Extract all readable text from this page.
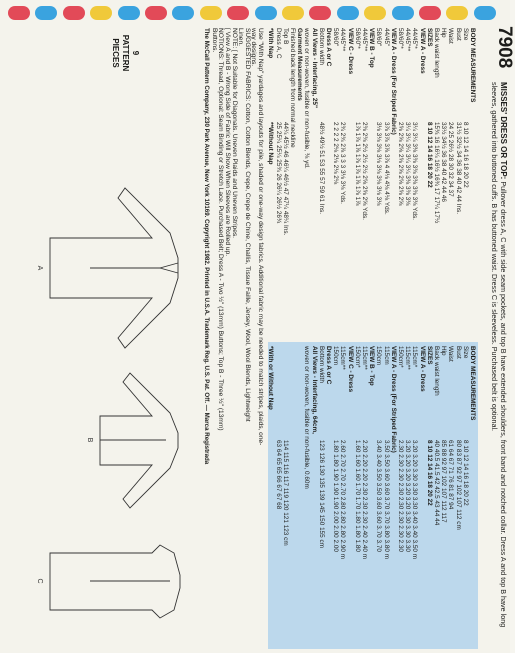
7908
MISSES' DRESS OR TOP: Pullover dress A, C with side seam pockets, and top B have extended shoulders, front band and notched collar. Dress A and top B have long sleeves, gathered into buttoned cuffs. B has buttoned waist. Dress C is sleeveless. Purchased belt is optional.
BODY MEASUREMENTS
Size
8 10 12 14 16 18 20 22
Bust
31½ 32½ 34 36 38 40 42 44 Ins.
Waist
24 25 26½ 28 30 32 34 37
Hip
33½ 34½ 36 38 40 42 44 46
Back waist length
15¾ 16 16¼ 16½ 16¾ 17 17¼ 17½
SIZES
8 10 12 14 16 18 20 22
VIEW A - Dress
44/45"*
3¼ 3¼ 3⅜ 3⅜ 3⅜ 3⅜ 3⅜ 3⅜ Yds.
44/45"**
3¼ 3¼ 3¼ 3¼ 3¼ 3⅜ 3⅜ 3⅜
58/60"*
2⅝ 2⅝ 2⅝ 2⅝ 2⅝ 2⅝ 2⅝ 2⅝
VIEW A - Dress (For Striped Fabric)
44/45"
3⅞ 3⅞ 3⅞ 3⅞ 4 4⅛ 4⅛ 4⅛ Yds.
58/60"
3⅛ 3⅛ 3⅛ 3⅛ 3⅛ 3⅛ 3⅛ 3⅛
VIEW B - Top
44/45"**
2⅜ 2⅜ 2½ 2½ 2½ 2⅝ 2⅝ 2⅝ Yds.
58/60"*
1⅞ 1⅞ 1⅞ 1⅞ 1⅞ 1⅞ 1⅞ 1⅞
VIEW C - Dress
44/45"**
2¾ 2¾ 2⅞ 3 3 3 3⅛ 3⅛ Yds.
58/60"
2 2 2 2 2⅛ 2⅛ 2⅛ 2⅛
Dress A or C
Bottom width
48½ 49½ 51 53 55 57 59 61 Ins.
All Views - Interfacing, 25"
woven or non-woven, fusible or non-fusible, ⅜ yd.
Garment Measurements
Finished back length from normal neckline
Top B
44¼ 45½ 46 46¼ 46½ 47 47¼ 48¼ Ins.
Dress A, C
25 25¼ 25¼ 25¾ 26 26¼ 26½ 26¾
*With Nap
**Without Nap
BODY MEASUREMENTS
Size
8 10 12 14 16 18 20 22
Bust
80 83 87 92 97 102 107 112 cm
Waist
61 64 67 71 76 81 87 94
Hip
85 88 92 97 102 107 112 117
Back waist length
40 40.5 41.5 42 42.5 43 44 44
SIZES
8 10 12 14 16 18 20 22
VIEW A - Dress
115cm*
3.20 3.20 3.30 3.30 3.30 3.40 3.40 3.50 m
115cm**
3.20 3.20 3.20 3.20 3.20 3.30 3.30 3.30
150cm*
2.30 2.30 2.30 2.30 2.30 2.30 2.30 2.30
VIEW A - Dress (For Striped Fabric)
115cm
3.50 3.50 3.60 3.60 3.70 3.70 3.80 3.80 m
150cm
3.40 3.40 3.50 3.50 3.60 3.60 3.70 3.70
VIEW B - Top
115cm**
2.20 2.20 2.20 2.30 2.30 2.30 2.40 2.40 m
150cm*
1.60 1.60 1.60 1.70 1.70 1.80 1.80 1.80
VIEW C - Dress
115cm**
2.60 2.70 2.70 2.70 2.80 2.80 2.80 2.90 m
150cm
1.80 1.80 1.90 1.90 1.90 2.00 2.00 2.00
Dress A or C
Bottom width
123 126 130 135 139 145 150 155 cm
All Views - Interfacing, 64cm,
woven or non-woven, fusible or non-fusible, 0.60m
114 115 116 117 119 120 121 123 cm
63 64 65 65 66 67 67 68
*With or Without Nap
Use "With Nap" yardages and layouts for pile, shaded or one-way design fabrics. Additional fabric may be needed to match stripes, plaids, one-
way designs.
SUGGESTED FABRICS: Cotton, Cotton Blends, Crepe, Crepe de Chine, Challis, Tissue Faille, Jersey, Wool, Wool Blends, Lightweight
Linen.
NOTE: [ Not Suitable for Diagonals. Uneven Plaids and Uneven Stripes.
[ View A and B - Wrong Side of Fabric Will Show When Sleeves are Rolled up.
NOTIONS: Thread, Optional: Seam Binding or Stretch Lace. Purchased Belt; Dress A - Two ½" (13mm) Buttons; Top B - Three ½" (13mm)
Buttons.
The McCall Pattern Company, 230 Park Avenue, New York 10169. Copyright 1982. Printed in U.S.A. Trademark Reg. U.S. Pat. Off. — Marca Registrada
9
PATTERN PIECES
A
B
C
